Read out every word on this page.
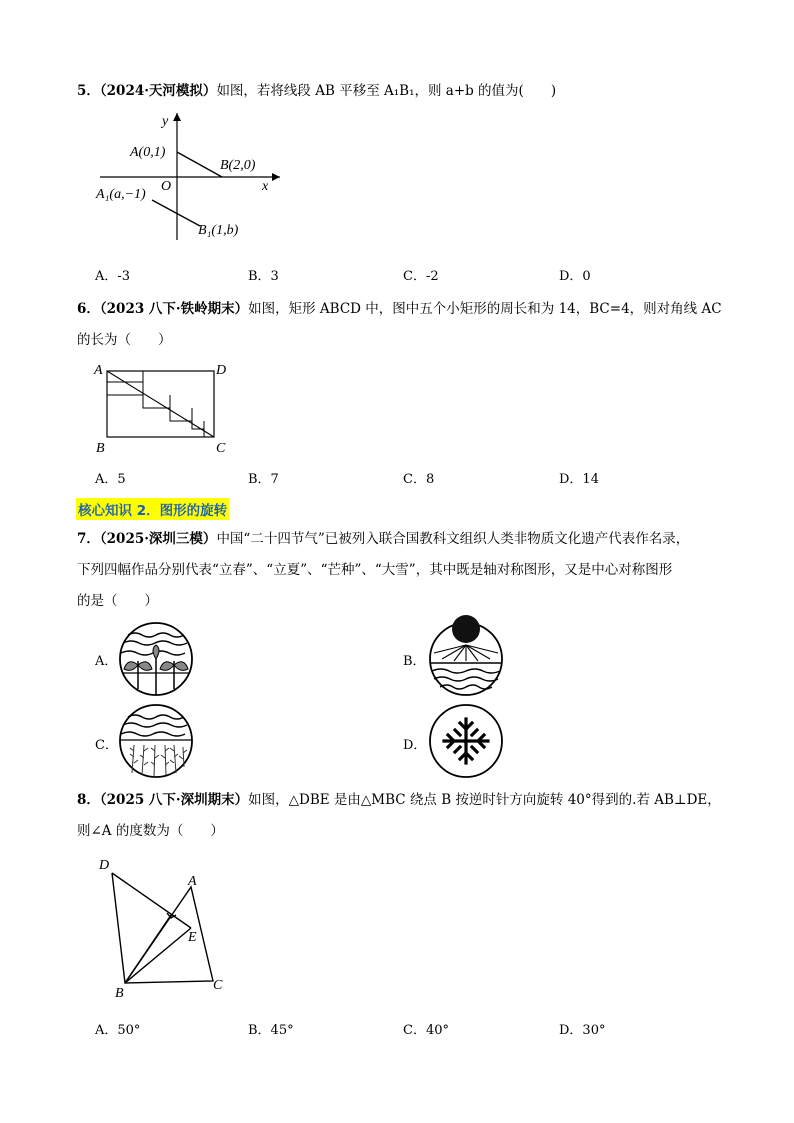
5．（2024·天河模拟）如图，若将线段 AB 平移至 A₁B₁，则 a+b 的值为(　　)
y
x
O
A(0,1)
B(2,0)
A₁(a,−1)
B₁(1,b)
A．-3	B．3	C．-2	D．0
6．（2023 八下·铁岭期末）如图，矩形 ABCD 中，图中五个小矩形的周长和为 14，BC=4，则对角线 AC
的长为（　　）
A	D
B	C
A．5	B．7	C．8	D．14
核心知识 2．图形的旋转
7．（2025·深圳三模）中国“二十四节气”已被列入联合国教科文组织人类非物质文化遗产代表作名录，
下列四幅作品分别代表“立春”、“立夏”、“芒种”、“大雪”，其中既是轴对称图形，又是中心对称图形
的是（　　）
A．	B．
C．	D．
8．（2025 八下·深圳期末）如图，△DBE 是由△MBC 绕点 B 按逆时针方向旋转 40°得到的.若 AB⊥DE，
则∠A 的度数为（　　）
D
A
E
B
C
A．50°	B．45°	C．40°	D．30°
